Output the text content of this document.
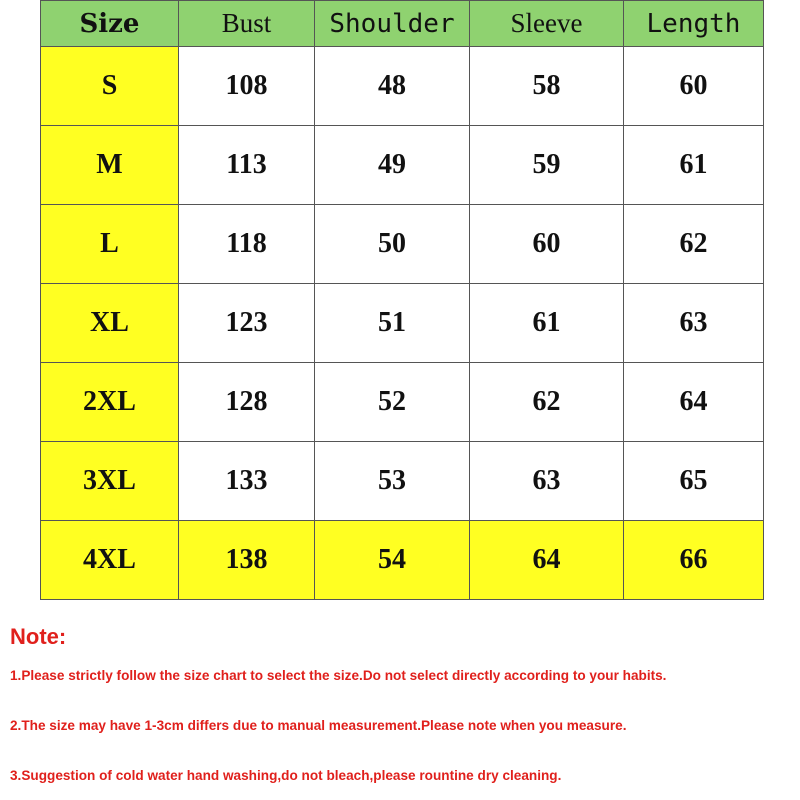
Size	Bust	Shoulder	Sleeve	Length
S	108	48	58	60
M	113	49	59	61
L	118	50	60	62
XL	123	51	61	63
2XL	128	52	62	64
3XL	133	53	63	65
4XL	138	54	64	66

Note:

1.Please strictly follow the size chart to select the size.Do not select directly according to your habits.

2.The size may have 1-3cm differs due to manual measurement.Please note when you measure.

3.Suggestion of cold water hand washing,do not bleach,please rountine dry cleaning.
